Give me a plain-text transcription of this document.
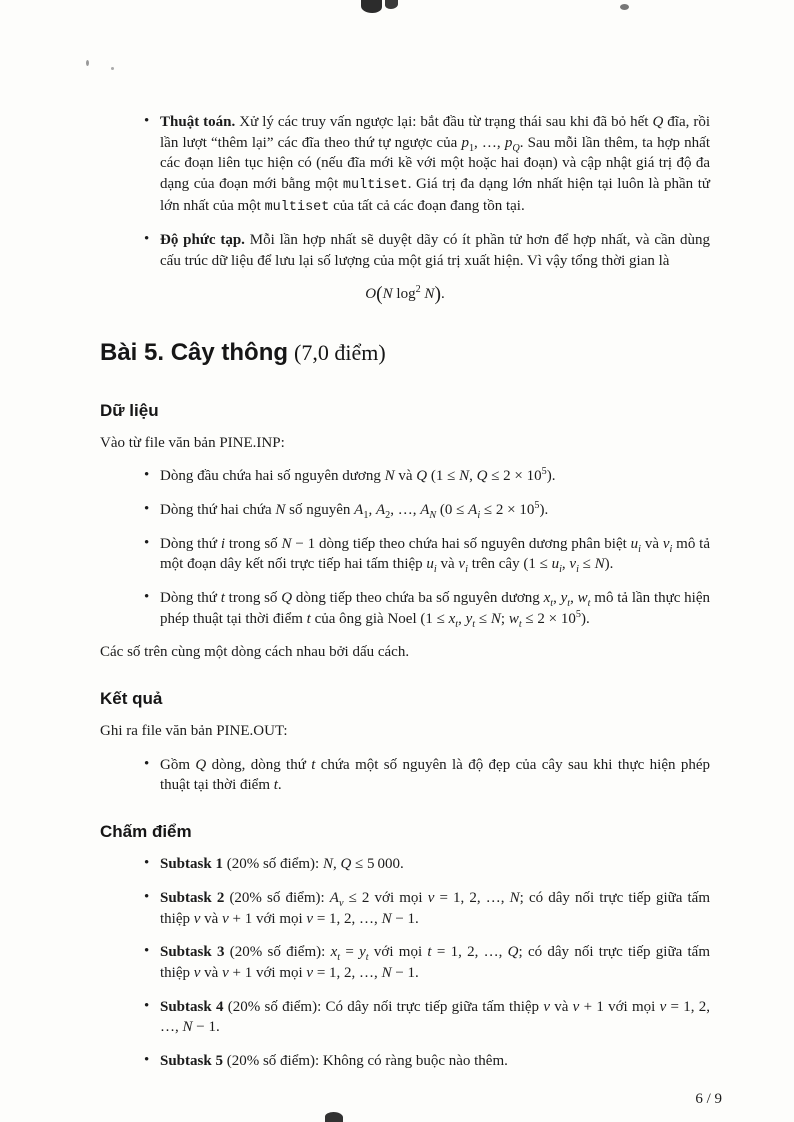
• Thuật toán. Xử lý các truy vấn ngược lại: bắt đầu từ trạng thái sau khi đã bỏ hết Q đĩa, rồi lần lượt “thêm lại” các đĩa theo thứ tự ngược của $p_1$, …, $p_Q$. Sau mỗi lần thêm, ta hợp nhất các đoạn liên tục hiện có (nếu đĩa mới kề với một hoặc hai đoạn) và cập nhật giá trị độ đa dạng của đoạn mới bằng một multiset. Giá trị đa dạng lớn nhất hiện tại luôn là phần tử lớn nhất của một multiset của tất cả các đoạn đang tồn tại.
• Độ phức tạp. Mỗi lần hợp nhất sẽ duyệt dãy có ít phần tử hơn để hợp nhất, và cần dùng cấu trúc dữ liệu để lưu lại số lượng của một giá trị xuất hiện. Vì vậy tổng thời gian là
O(N $\log^2 N$).
Bài 5. Cây thông (7,0 điểm)
Dữ liệu

Vào từ file văn bản PINE.INP:

• Dòng đầu chứa hai số nguyên dương N và Q (1 ≤ N, $Q \le 2 \times 10^5$).
• Dòng thứ hai chứa N số nguyên $A_1$, $A_2$, …, $A_N$ $(0 \le A_i \le 2 \times 10^5)$.
• Dòng thứ i trong số N − 1 dòng tiếp theo chứa hai số nguyên dương phân biệt $u_i$ và $v_i$ mô tả một đoạn dây kết nối trực tiếp hai tấm thiệp $u_i$ và $v_i$ trên cây ($1 \le u_i$, $v_i \le N$).
• Dòng thứ t trong số Q dòng tiếp theo chứa ba số nguyên dương $x_t$, $y_t$, $w_t$ mô tả lần thực hiện phép thuật tại thời điểm t của ông già Noel ($1 \le x_t$, $y_t \le N$; $w_t \le 2 \times 10^5$).

Các số trên cùng một dòng cách nhau bởi dấu cách.

Kết quả

Ghi ra file văn bản PINE.OUT:

• Gồm Q dòng, dòng thứ t chứa một số nguyên là độ đẹp của cây sau khi thực hiện phép thuật tại thời điểm t.
Chấm điểm
• Subtask 1 (20% số điểm): N, Q ≤ 5 000.
• Subtask 2 (20% số điểm): $A_v \le 2$ với mọi v = 1, 2, …, N; có dây nối trực tiếp giữa tấm thiệp v và v + 1 với mọi v = 1, 2, …, N − 1.
• Subtask 3 (20% số điểm): $x_t = y_t$ với mọi t = 1, 2, …, Q; có dây nối trực tiếp giữa tấm thiệp v và v + 1 với mọi v = 1, 2, …, N − 1.
• Subtask 4 (20% số điểm): Có dây nối trực tiếp giữa tấm thiệp v và v + 1 với mọi v = 1, 2, …, N − 1.
• Subtask 5 (20% số điểm): Không có ràng buộc nào thêm.
6 / 9
